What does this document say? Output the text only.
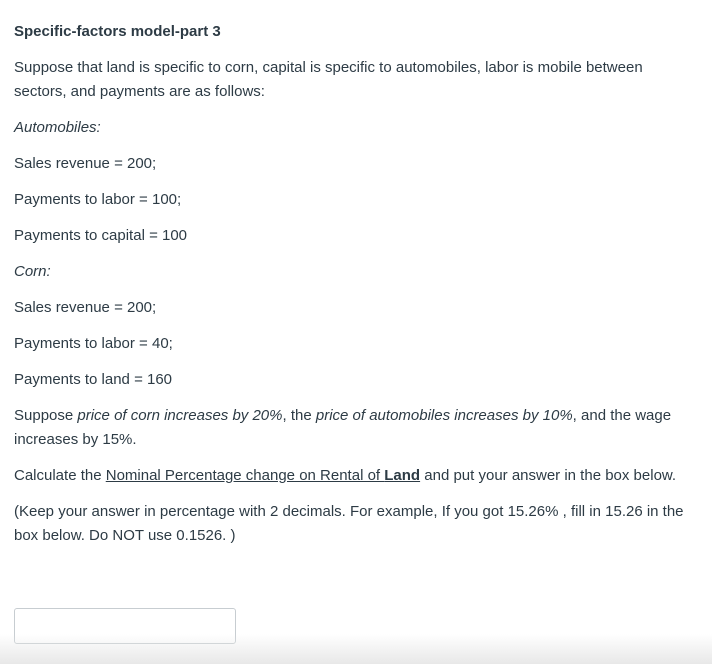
Specific-factors model-part 3

Suppose that land is specific to corn, capital is specific to automobiles, labor is mobile between sectors, and payments are as follows:

Automobiles:

Sales revenue = 200;

Payments to labor = 100;

Payments to capital = 100

Corn:

Sales revenue = 200;

Payments to labor = 40;

Payments to land = 160

Suppose price of corn increases by 20%, the price of automobiles increases by 10%, and the wage increases by 15%.

Calculate the Nominal Percentage change on Rental of Land and put your answer in the box below.

(Keep your answer in percentage with 2 decimals. For example, If you got 15.26% , fill in 15.26 in the box below. Do NOT use 0.1526. )
